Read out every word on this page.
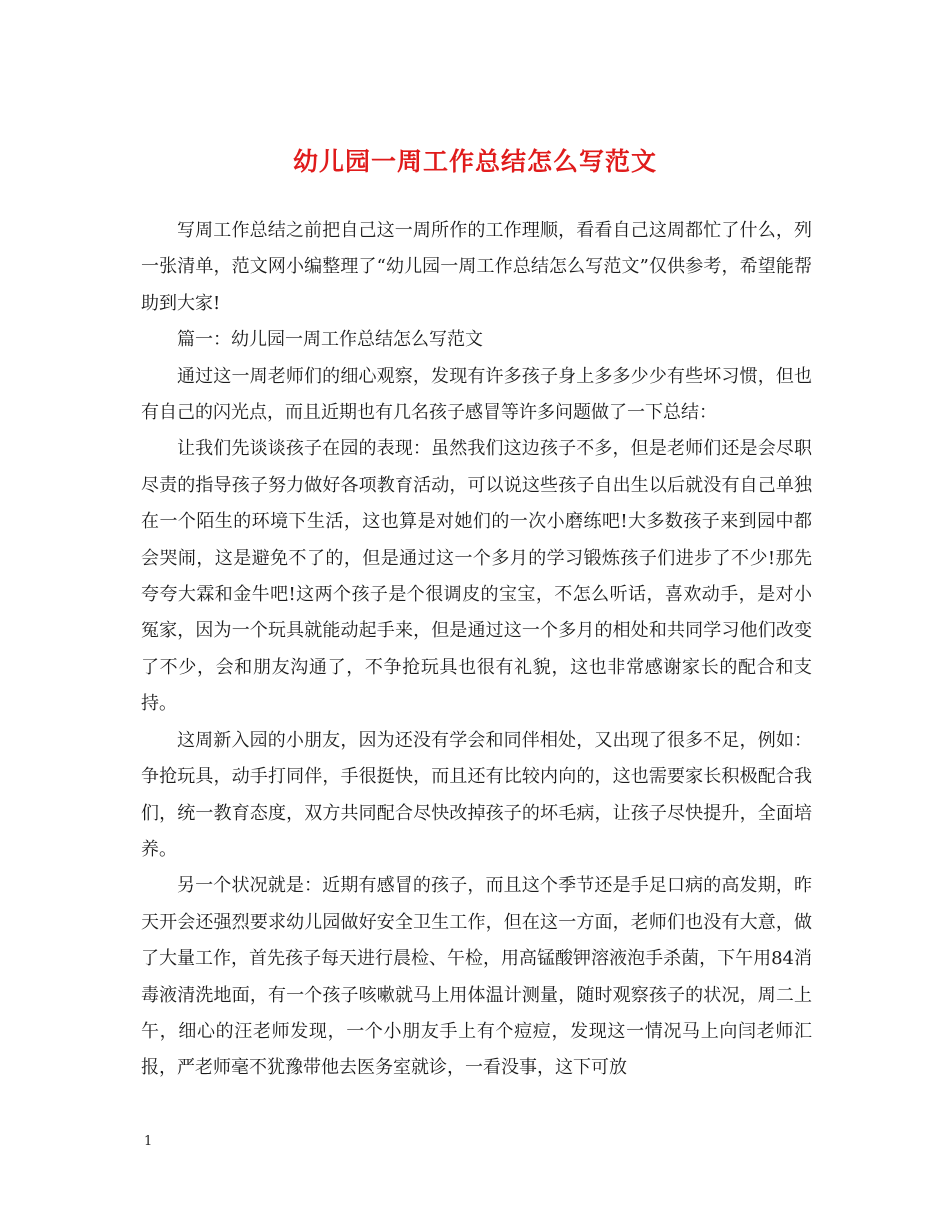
幼儿园一周工作总结怎么写范文

写周工作总结之前把自己这一周所作的工作理顺，看看自己这周都忙了什么，列一张清单，范文网小编整理了“幼儿园一周工作总结怎么写范文”仅供参考，希望能帮助到大家!

篇一：幼儿园一周工作总结怎么写范文

通过这一周老师们的细心观察，发现有许多孩子身上多多少少有些坏习惯，但也有自己的闪光点，而且近期也有几名孩子感冒等许多问题做了一下总结：

让我们先谈谈孩子在园的表现：虽然我们这边孩子不多，但是老师们还是会尽职尽责的指导孩子努力做好各项教育活动，可以说这些孩子自出生以后就没有自己单独在一个陌生的环境下生活，这也算是对她们的一次小磨练吧!大多数孩子来到园中都会哭闹，这是避免不了的，但是通过这一个多月的学习锻炼孩子们进步了不少!那先夸夸大霖和金牛吧!这两个孩子是个很调皮的宝宝，不怎么听话，喜欢动手，是对小冤家，因为一个玩具就能动起手来，但是通过这一个多月的相处和共同学习他们改变了不少，会和朋友沟通了，不争抢玩具也很有礼貌，这也非常感谢家长的配合和支持。

这周新入园的小朋友，因为还没有学会和同伴相处，又出现了很多不足，例如：争抢玩具，动手打同伴，手很挺快，而且还有比较内向的，这也需要家长积极配合我们，统一教育态度，双方共同配合尽快改掉孩子的坏毛病，让孩子尽快提升，全面培养。

另一个状况就是：近期有感冒的孩子，而且这个季节还是手足口病的高发期，昨天开会还强烈要求幼儿园做好安全卫生工作，但在这一方面，老师们也没有大意，做了大量工作，首先孩子每天进行晨检、午检，用高锰酸钾溶液泡手杀菌，下午用84消毒液清洗地面，有一个孩子咳嗽就马上用体温计测量，随时观察孩子的状况，周二上午，细心的汪老师发现，一个小朋友手上有个痘痘，发现这一情况马上向闫老师汇报，严老师毫不犹豫带他去医务室就诊，一看没事，这下可放

1
